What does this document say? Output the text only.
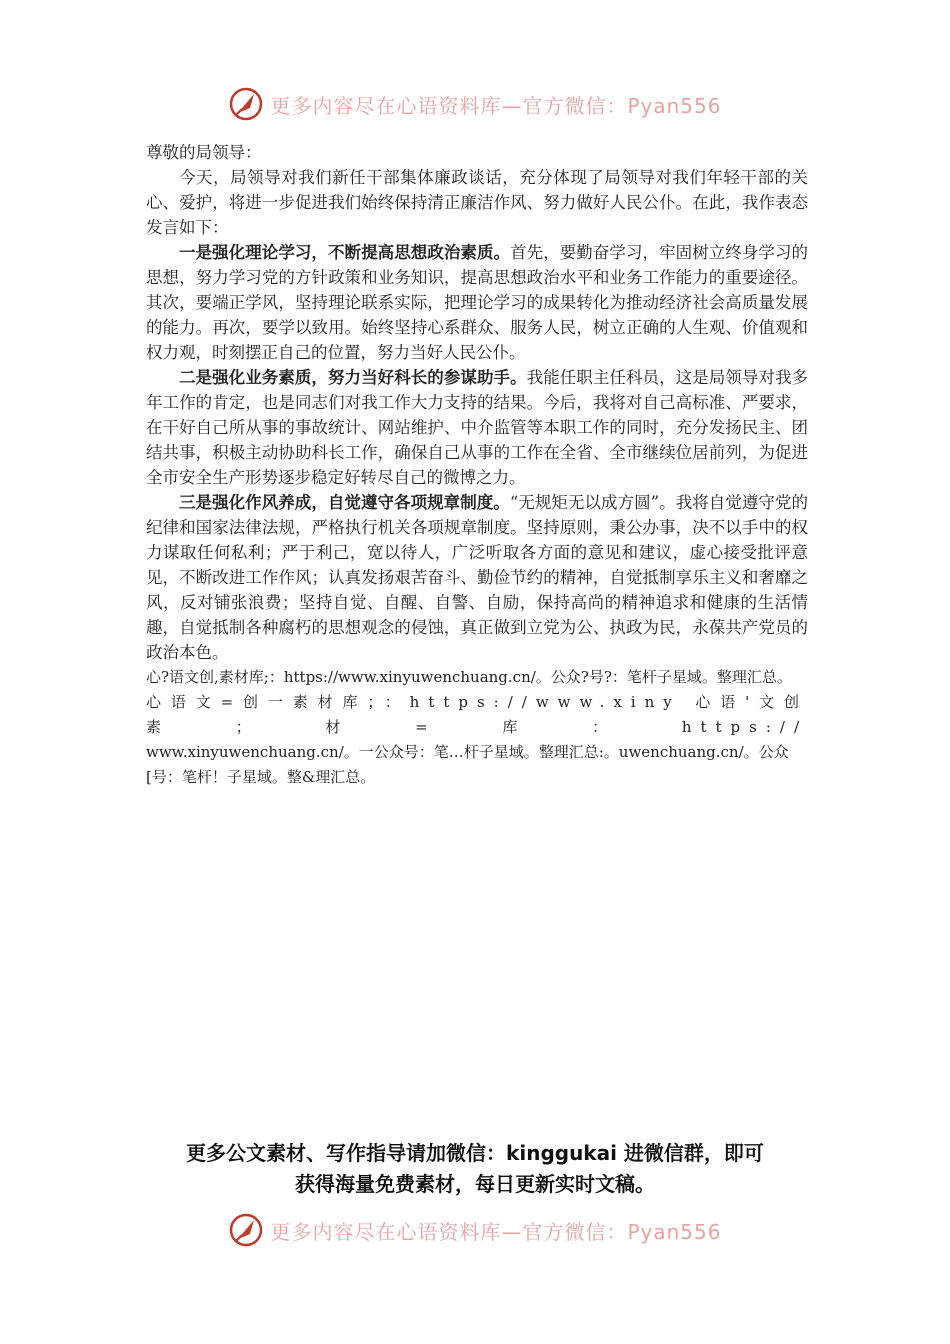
更多内容尽在心语资料库—官方微信：Pyan556

尊敬的局领导：

今天，局领导对我们新任干部集体廉政谈话，充分体现了局领导对我们年轻干部的关心、爱护，将进一步促进我们始终保持清正廉洁作风、努力做好人民公仆。在此，我作表态发言如下：

一是强化理论学习，不断提高思想政治素质。首先，要勤奋学习，牢固树立终身学习的思想，努力学习党的方针政策和业务知识，提高思想政治水平和业务工作能力的重要途径。其次，要端正学风，坚持理论联系实际，把理论学习的成果转化为推动经济社会高质量发展的能力。再次，要学以致用。始终坚持心系群众、服务人民，树立正确的人生观、价值观和权力观，时刻摆正自己的位置，努力当好人民公仆。

二是强化业务素质，努力当好科长的参谋助手。我能任职主任科员，这是局领导对我多年工作的肯定，也是同志们对我工作大力支持的结果。今后，我将对自己高标准、严要求，在干好自己所从事的事故统计、网站维护、中介监管等本职工作的同时，充分发扬民主、团结共事，积极主动协助科长工作，确保自己从事的工作在全省、全市继续位居前列，为促进全市安全生产形势逐步稳定好转尽自己的微博之力。

三是强化作风养成，自觉遵守各项规章制度。“无规矩无以成方圆”。我将自觉遵守党的纪律和国家法律法规，严格执行机关各项规章制度。坚持原则，秉公办事，决不以手中的权力谋取任何私利；严于利己，宽以待人，广泛听取各方面的意见和建议，虚心接受批评意见，不断改进工作作风；认真发扬艰苦奋斗、勤俭节约的精神，自觉抵制享乐主义和奢靡之风，反对铺张浪费；坚持自觉、自醒、自警、自励，保持高尚的精神追求和健康的生活情趣，自觉抵制各种腐朽的思想观念的侵蚀，真正做到立党为公、执政为民，永葆共产党员的政治本色。

心?语文创,素材库;：https://www.xinyuwenchuang.cn/。公众?号?：笔杆子星域。整理汇总。

心语文=创一素材库；：https://www.xiny 心语'文创素；材=库：https://

www.xinyuwenchuang.cn/。一公众号：笔…杆子星域。整理汇总:。uwenchuang.cn/。公众

[号：笔杆！子星域。整&理汇总。

更多公文素材、写作指导请加微信：kinggukai 进微信群，即可
获得海量免费素材，每日更新实时文稿。
更多内容尽在心语资料库—官方微信：Pyan556
